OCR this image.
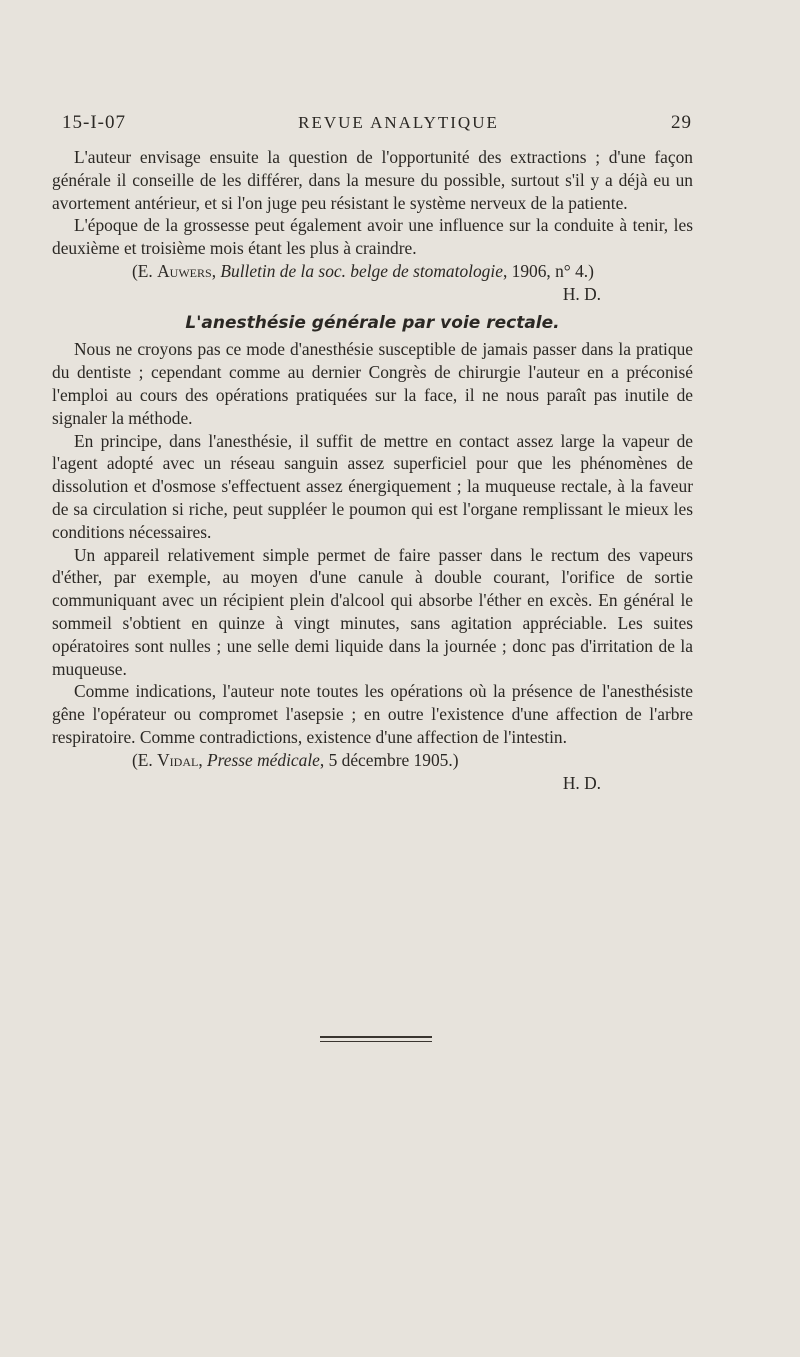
15-I-07	REVUE ANALYTIQUE	29

L'auteur envisage ensuite la question de l'opportunité des extractions ; d'une façon générale il conseille de les différer, dans la mesure du possible, surtout s'il y a déjà eu un avortement antérieur, et si l'on juge peu résistant le système nerveux de la patiente.

L'époque de la grossesse peut également avoir une influence sur la conduite à tenir, les deuxième et troisième mois étant les plus à craindre.

(E. Auwers, Bulletin de la soc. belge de stomatologie, 1906, n° 4.)

H. D.

L'anesthésie générale par voie rectale.

Nous ne croyons pas ce mode d'anesthésie susceptible de jamais passer dans la pratique du dentiste ; cependant comme au dernier Congrès de chirurgie l'auteur en a préconisé l'emploi au cours des opérations pratiquées sur la face, il ne nous paraît pas inutile de signaler la méthode.

En principe, dans l'anesthésie, il suffit de mettre en contact assez large la vapeur de l'agent adopté avec un réseau sanguin assez superficiel pour que les phénomènes de dissolution et d'osmose s'effectuent assez énergiquement ; la muqueuse rectale, à la faveur de sa circulation si riche, peut suppléer le poumon qui est l'organe remplissant le mieux les conditions nécessaires.

Un appareil relativement simple permet de faire passer dans le rectum des vapeurs d'éther, par exemple, au moyen d'une canule à double courant, l'orifice de sortie communiquant avec un récipient plein d'alcool qui absorbe l'éther en excès. En général le sommeil s'obtient en quinze à vingt minutes, sans agitation appréciable. Les suites opératoires sont nulles ; une selle demi liquide dans la journée ; donc pas d'irritation de la muqueuse.

Comme indications, l'auteur note toutes les opérations où la présence de l'anesthésiste gêne l'opérateur ou compromet l'asepsie ; en outre l'existence d'une affection de l'arbre respiratoire. Comme contradictions, existence d'une affection de l'intestin.

(E. Vidal, Presse médicale, 5 décembre 1905.)

H. D.
